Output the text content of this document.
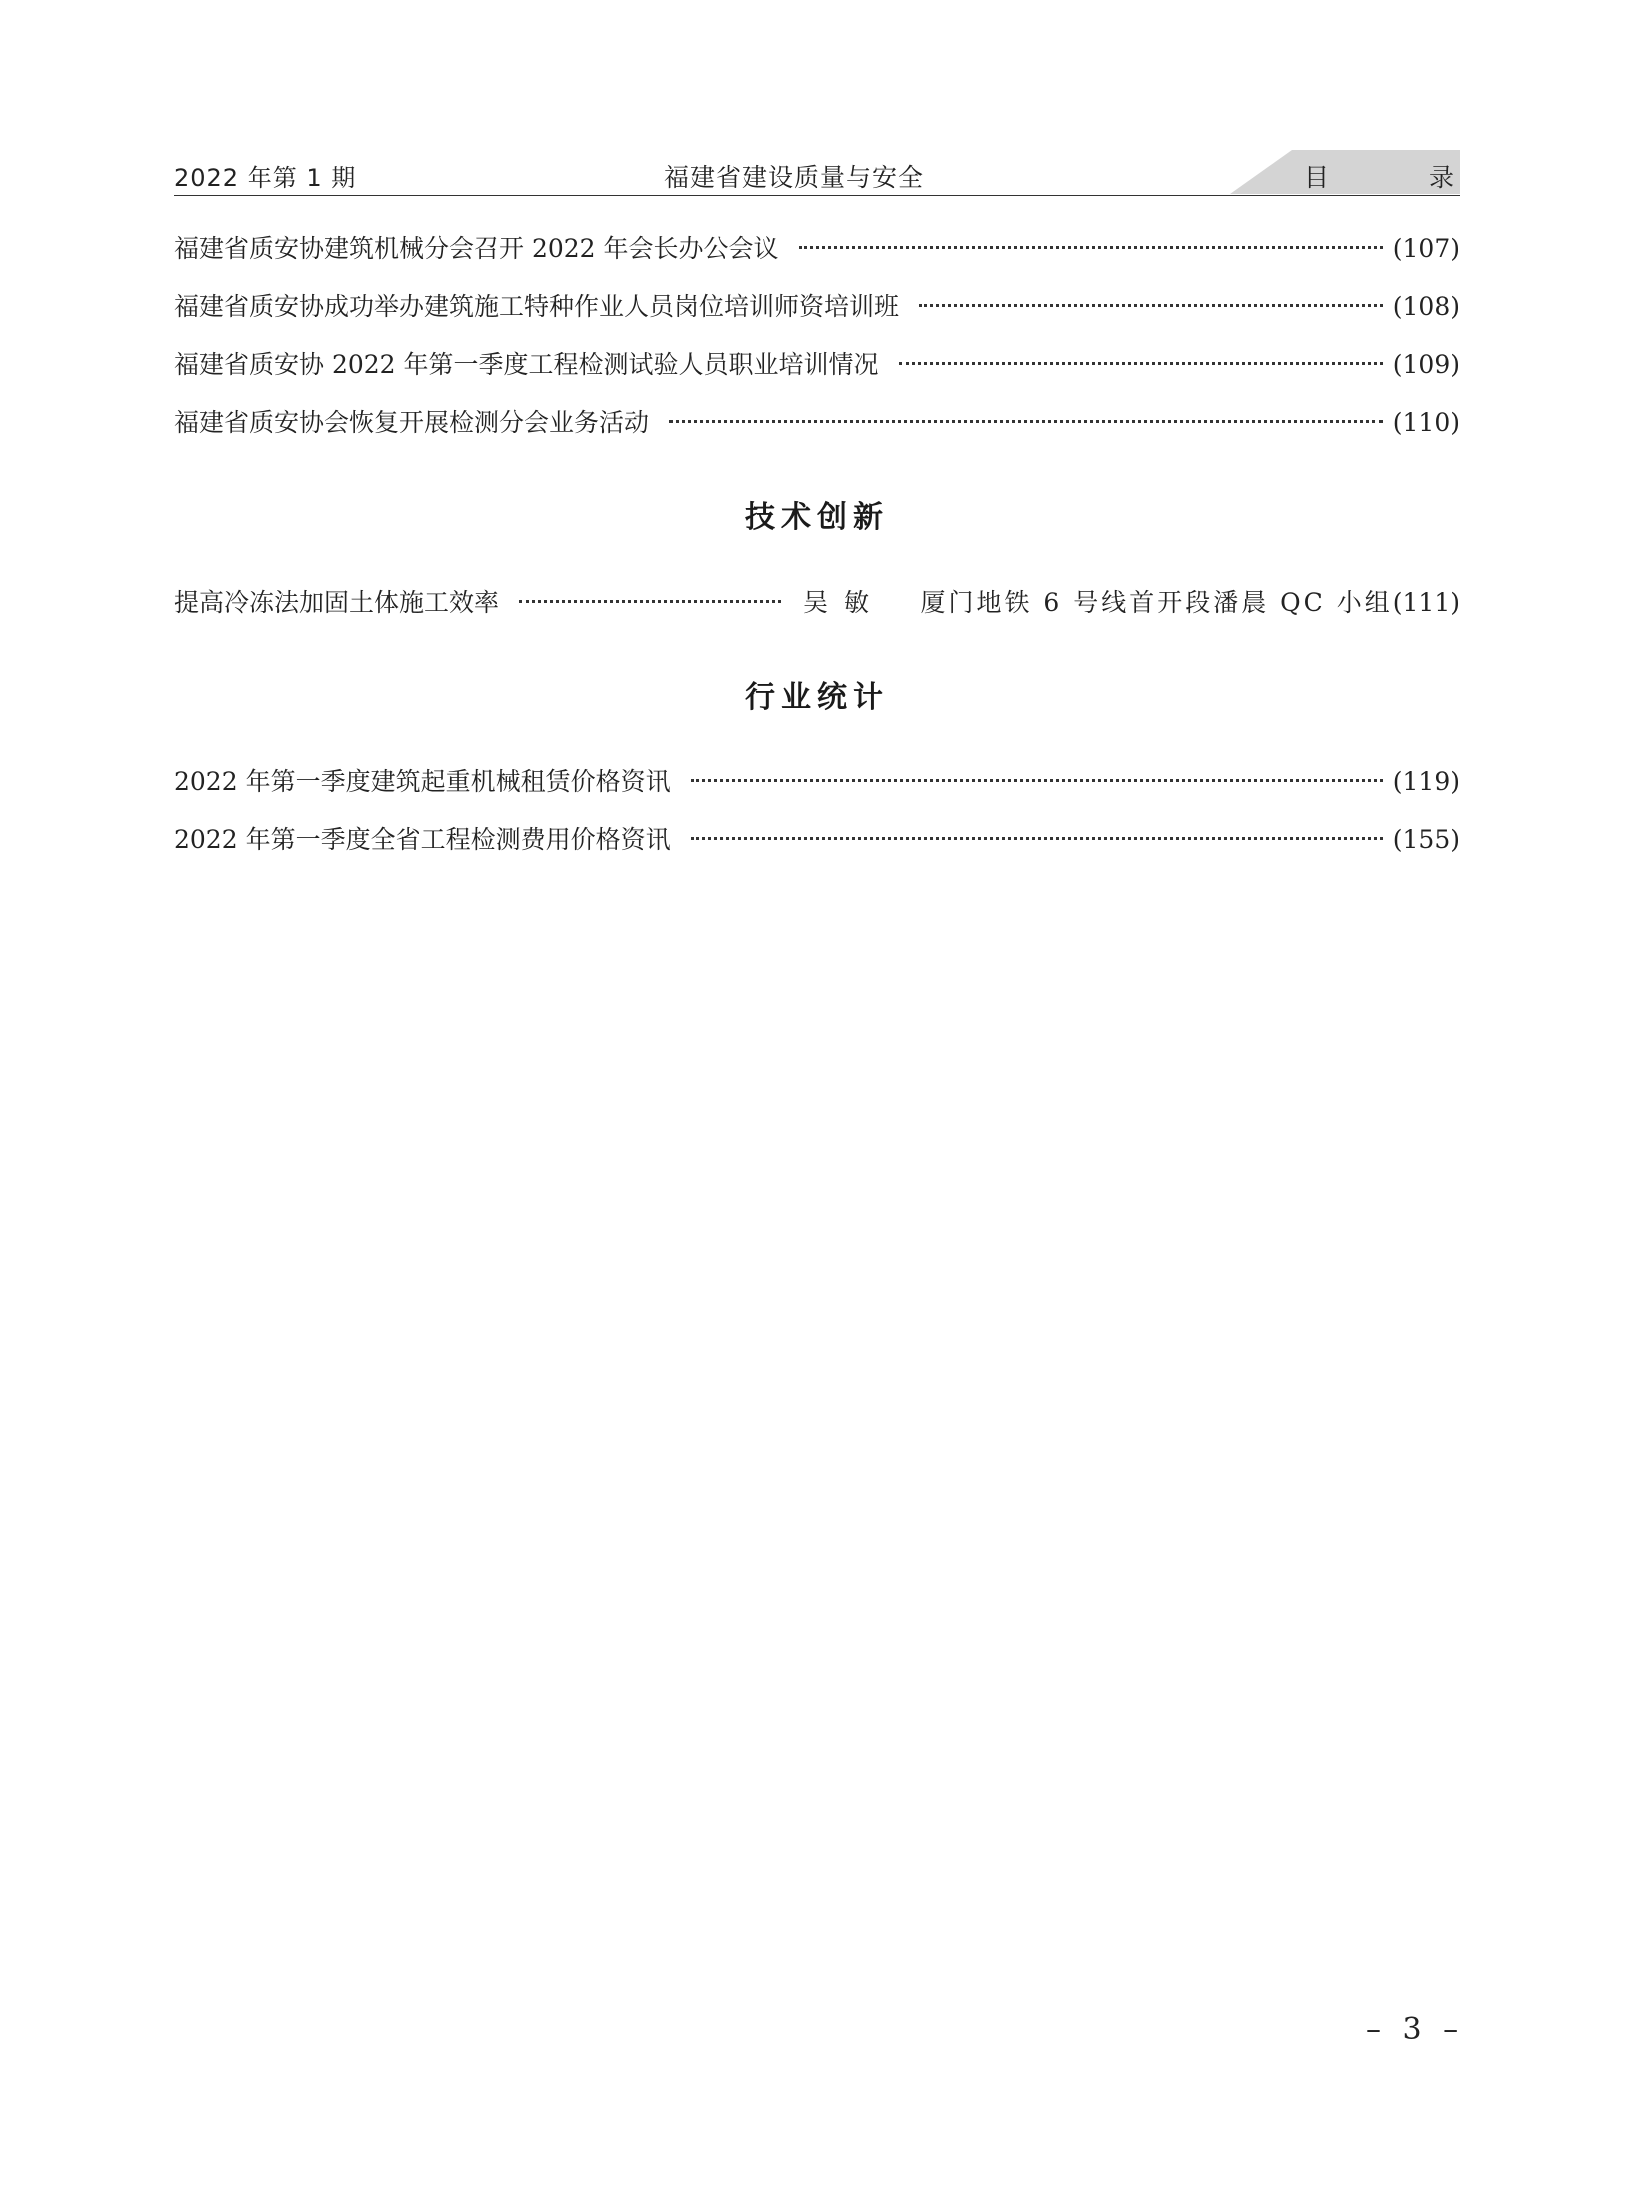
2022 年第 1 期	福建省建设质量与安全	目	录
福建省质安协建筑机械分会召开 2022 年会长办公会议	(107)
福建省质安协成功举办建筑施工特种作业人员岗位培训师资培训班	(108)
福建省质安协 2022 年第一季度工程检测试验人员职业培训情况	(109)
福建省质安协会恢复开展检测分会业务活动	(110)
技术创新
提高冷冻法加固土体施工效率	吴 敏	厦门地铁 6 号线首开段潘晨 QC 小组 (111)
行业统计
2022 年第一季度建筑起重机械租赁价格资讯	(119)
2022 年第一季度全省工程检测费用价格资讯	(155)
– 3 –
